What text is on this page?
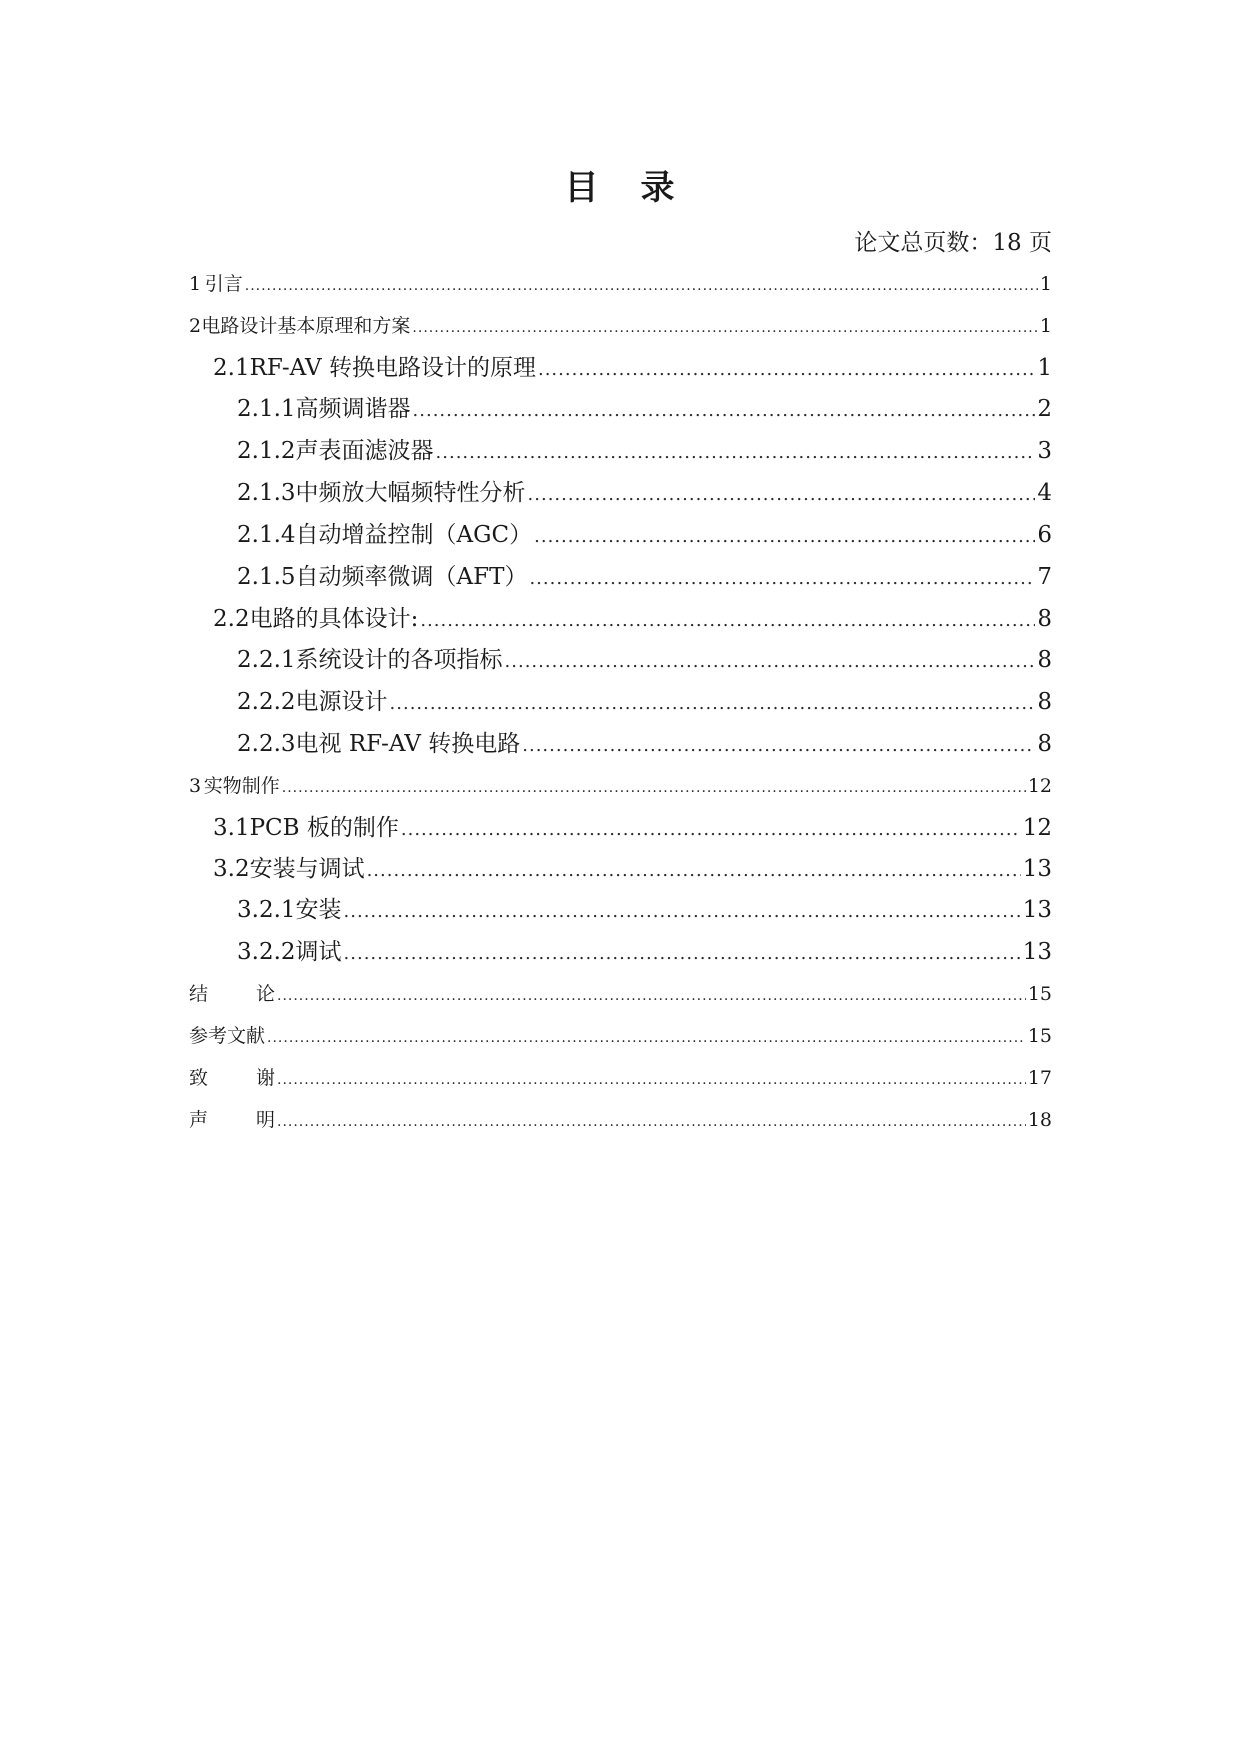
目 录
论文总页数：18 页
1 引言 .....	1
2 电路设计基本原理和方案 .....	1
2.1 RF-AV 转换电路设计的原理 .....	1
2.1.1 高频调谐器 .....	2
2.1.2 声表面滤波器 .....	3
2.1.3 中频放大幅频特性分析 .....	4
2.1.4 自动增益控制（AGC） .....	6
2.1.5 自动频率微调（AFT） .....	7
2.2 电路的具体设计: .....	8
2.2.1 系统设计的各项指标 .....	8
2.2.2 电源设计 .....	8
2.2.3 电视 RF-AV 转换电路 .....	8
3 实物制作 .....	12
3.1 PCB 板的制作 .....	12
3.2 安装与调试 .....	13
3.2.1 安装 .....	13
3.2.2 调试 .....	13
结　论 .....	15
参考文献 .....	15
致　谢 .....	17
声　明 .....	18
